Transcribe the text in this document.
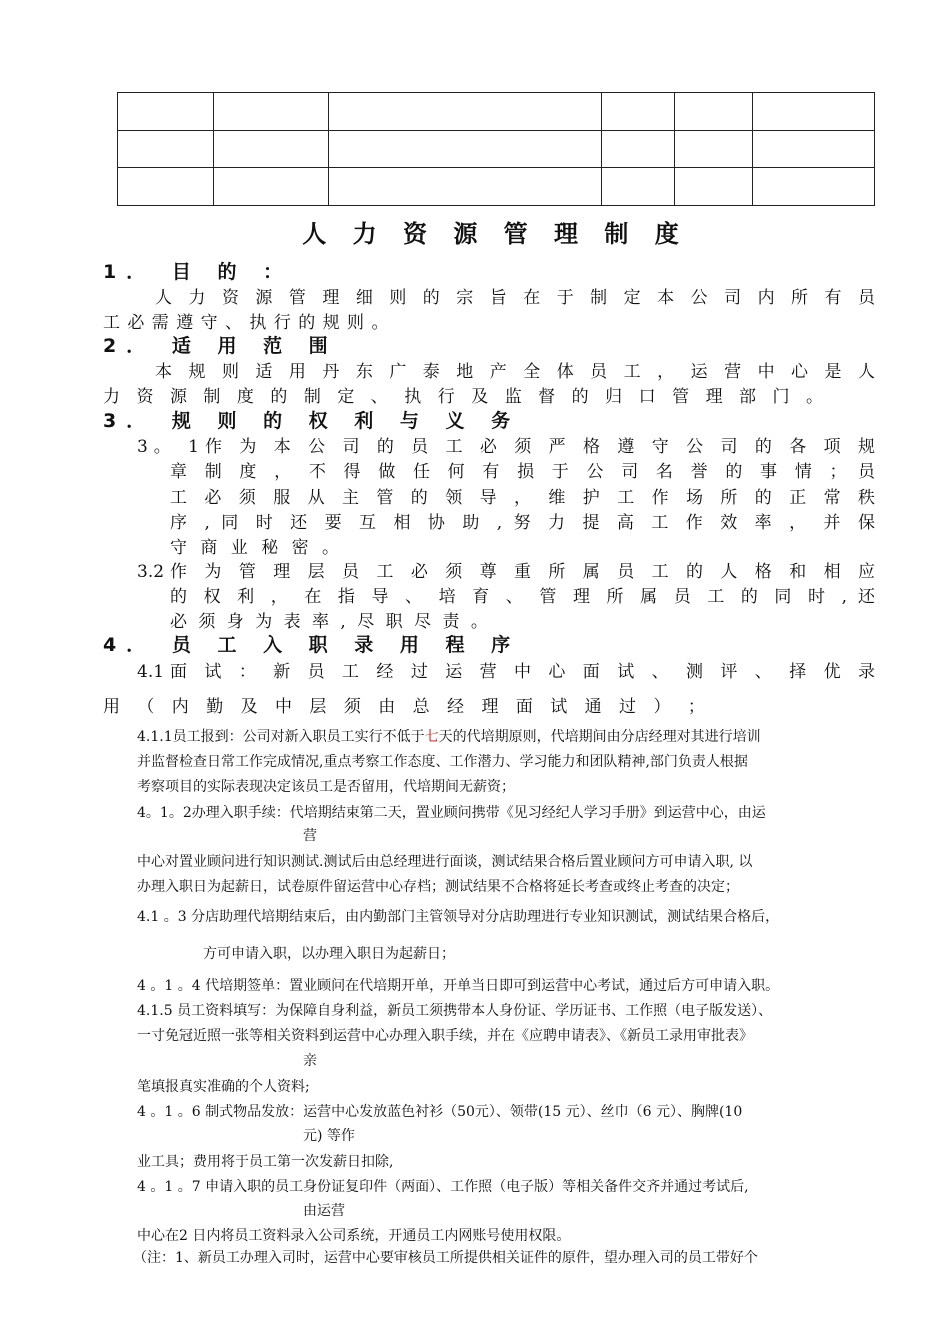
人 力 资 源 管 理 制 度
1． 目 的 ：
人 力 资 源 管 理 细 则 的 宗 旨 在 于 制 定 本 公 司 内 所 有 员
工 必 需 遵 守 、 执 行 的 规 则 。
2． 适 用 范 围
本 规 则 适 用 丹 东 广 泰 地 产 全 体 员 工 ， 运 营 中 心 是 人
力 资 源 制 度 的 制 定 、 执 行 及 监 督 的 归 口 管 理 部 门 。
3． 规 则 的 权 利 与 义 务
3。 1作 为 本 公 司 的 员 工 必 须 严 格 遵 守 公 司 的 各 项 规
章 制 度 ， 不 得 做 任 何 有 损 于 公 司 名 誉 的 事 情 ； 员
工 必 须 服 从 主 管 的 领 导 ， 维 护 工 作 场 所 的 正 常 秩
序 , 同 时 还 要 互 相 协 助 , 努 力 提 高 工 作 效 率 ， 并 保
守 商 业 秘 密 。
3.2作 为 管 理 层 员 工 必 须 尊 重 所 属 员 工 的 人 格 和 相 应
的 权 利 ， 在 指 导 、 培 育 、 管 理 所 属 员 工 的 同 时 , 还
必 须 身 为 表 率 , 尽 职 尽 责 。
4． 员 工 入 职 录 用 程 序
4.1面 试 ： 新 员 工 经 过 运 营 中 心 面 试 、 测 评 、 择 优 录
用 （ 内 勤 及 中 层 须 由 总 经 理 面 试 通 过 ） ；
4.1.1员工报到：公司对新入职员工实行不低于七天的代培期原则，代培期间由分店经理对其进行培训
并监督检查日常工作完成情况,重点考察工作态度、工作潜力、学习能力和团队精神,部门负责人根据
考察项目的实际表现决定该员工是否留用，代培期间无薪资；
4。1。2办理入职手续：代培期结束第二天，置业顾问携带《见习经纪人学习手册》到运营中心，由运
营
中心对置业顾问进行知识测试.测试后由总经理进行面谈，测试结果合格后置业顾问方可申请入职, 以
办理入职日为起薪日，试卷原件留运营中心存档；测试结果不合格将延长考查或终止考查的决定；
4.1 。3 分店助理代培期结束后，由内勤部门主管领导对分店助理进行专业知识测试，测试结果合格后，
方可申请入职，以办理入职日为起薪日；
4 。1 。4 代培期签单：置业顾问在代培期开单，开单当日即可到运营中心考试，通过后方可申请入职。
4.1.5 员工资料填写：为保障自身利益，新员工须携带本人身份证、学历证书、工作照（电子版发送）、
一寸免冠近照一张等相关资料到运营中心办理入职手续，并在《应聘申请表》、《新员工录用审批表》
亲
笔填报真实准确的个人资料;
4 。1 。6 制式物品发放：运营中心发放蓝色衬衫（50元）、领带(15 元）、丝巾（6 元）、胸牌(10
元) 等作
业工具；费用将于员工第一次发薪日扣除,
4 。1 。7 申请入职的员工身份证复印件（两面）、工作照（电子版）等相关备件交齐并通过考试后,
由运营
中心在2 日内将员工资料录入公司系统，开通员工内网账号使用权限。
（注：1、新员工办理入司时，运营中心要审核员工所提供相关证件的原件，望办理入司的员工带好个
